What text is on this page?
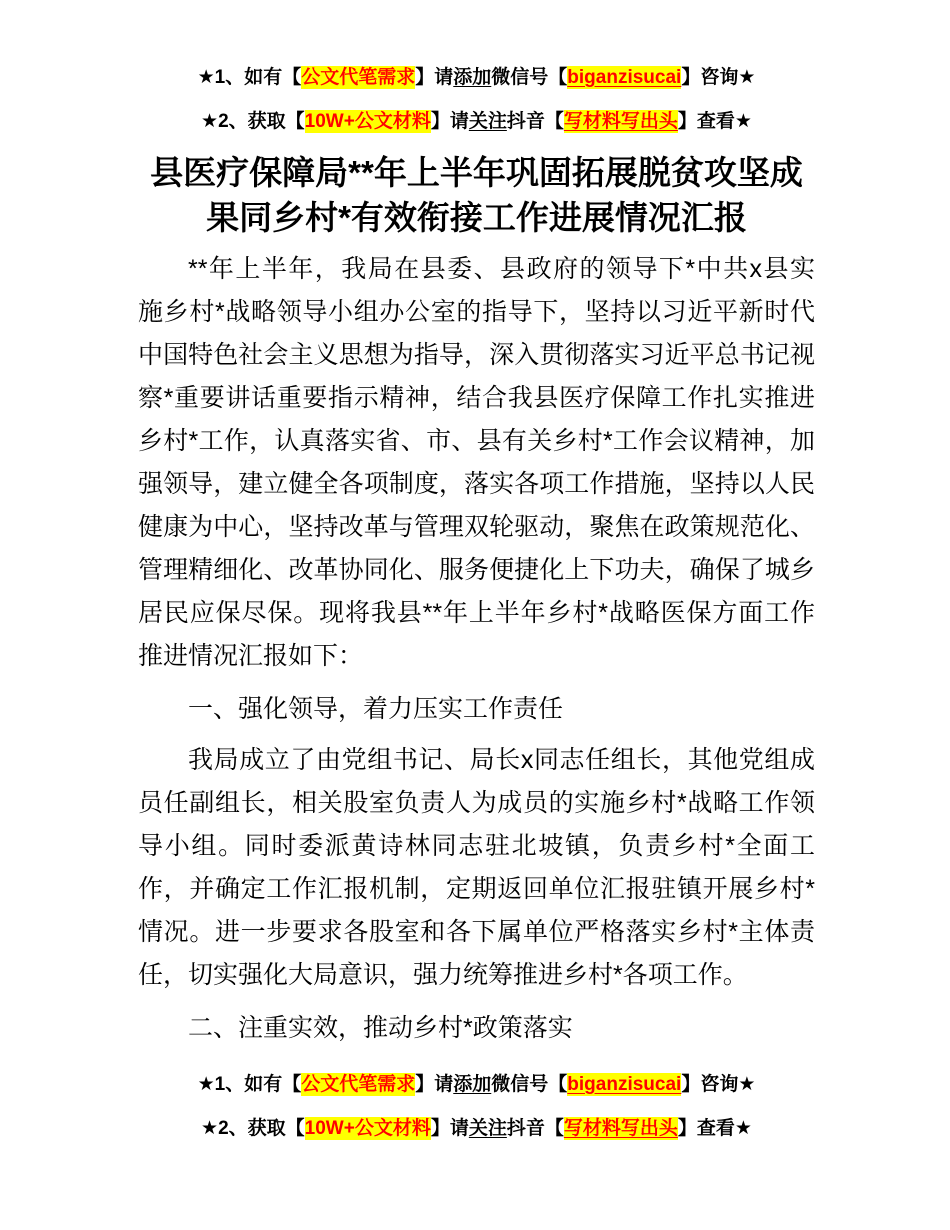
★1、如有【公文代笔需求】请添加微信号【biganzisucai】咨询★
★2、获取【10W+公文材料】请关注抖音【写材料写出头】查看★
县医疗保障局**年上半年巩固拓展脱贫攻坚成
果同乡村*有效衔接工作进展情况汇报
**年上半年，我局在县委、县政府的领导下*中共x县实
施乡村*战略领导小组办公室的指导下，坚持以习近平新时代
中国特色社会主义思想为指导，深入贯彻落实习近平总书记视
察*重要讲话重要指示精神，结合我县医疗保障工作扎实推进
乡村*工作，认真落实省、市、县有关乡村*工作会议精神，加
强领导，建立健全各项制度，落实各项工作措施，坚持以人民
健康为中心，坚持改革与管理双轮驱动，聚焦在政策规范化、
管理精细化、改革协同化、服务便捷化上下功夫，确保了城乡
居民应保尽保。现将我县**年上半年乡村*战略医保方面工作
推进情况汇报如下：
一、强化领导，着力压实工作责任
我局成立了由党组书记、局长x同志任组长，其他党组成
员任副组长，相关股室负责人为成员的实施乡村*战略工作领
导小组。同时委派黄诗林同志驻北坡镇，负责乡村*全面工
作，并确定工作汇报机制，定期返回单位汇报驻镇开展乡村*
情况。进一步要求各股室和各下属单位严格落实乡村*主体责
任，切实强化大局意识，强力统筹推进乡村*各项工作。
二、注重实效，推动乡村*政策落实
★1、如有【公文代笔需求】请添加微信号【biganzisucai】咨询★
★2、获取【10W+公文材料】请关注抖音【写材料写出头】查看★
